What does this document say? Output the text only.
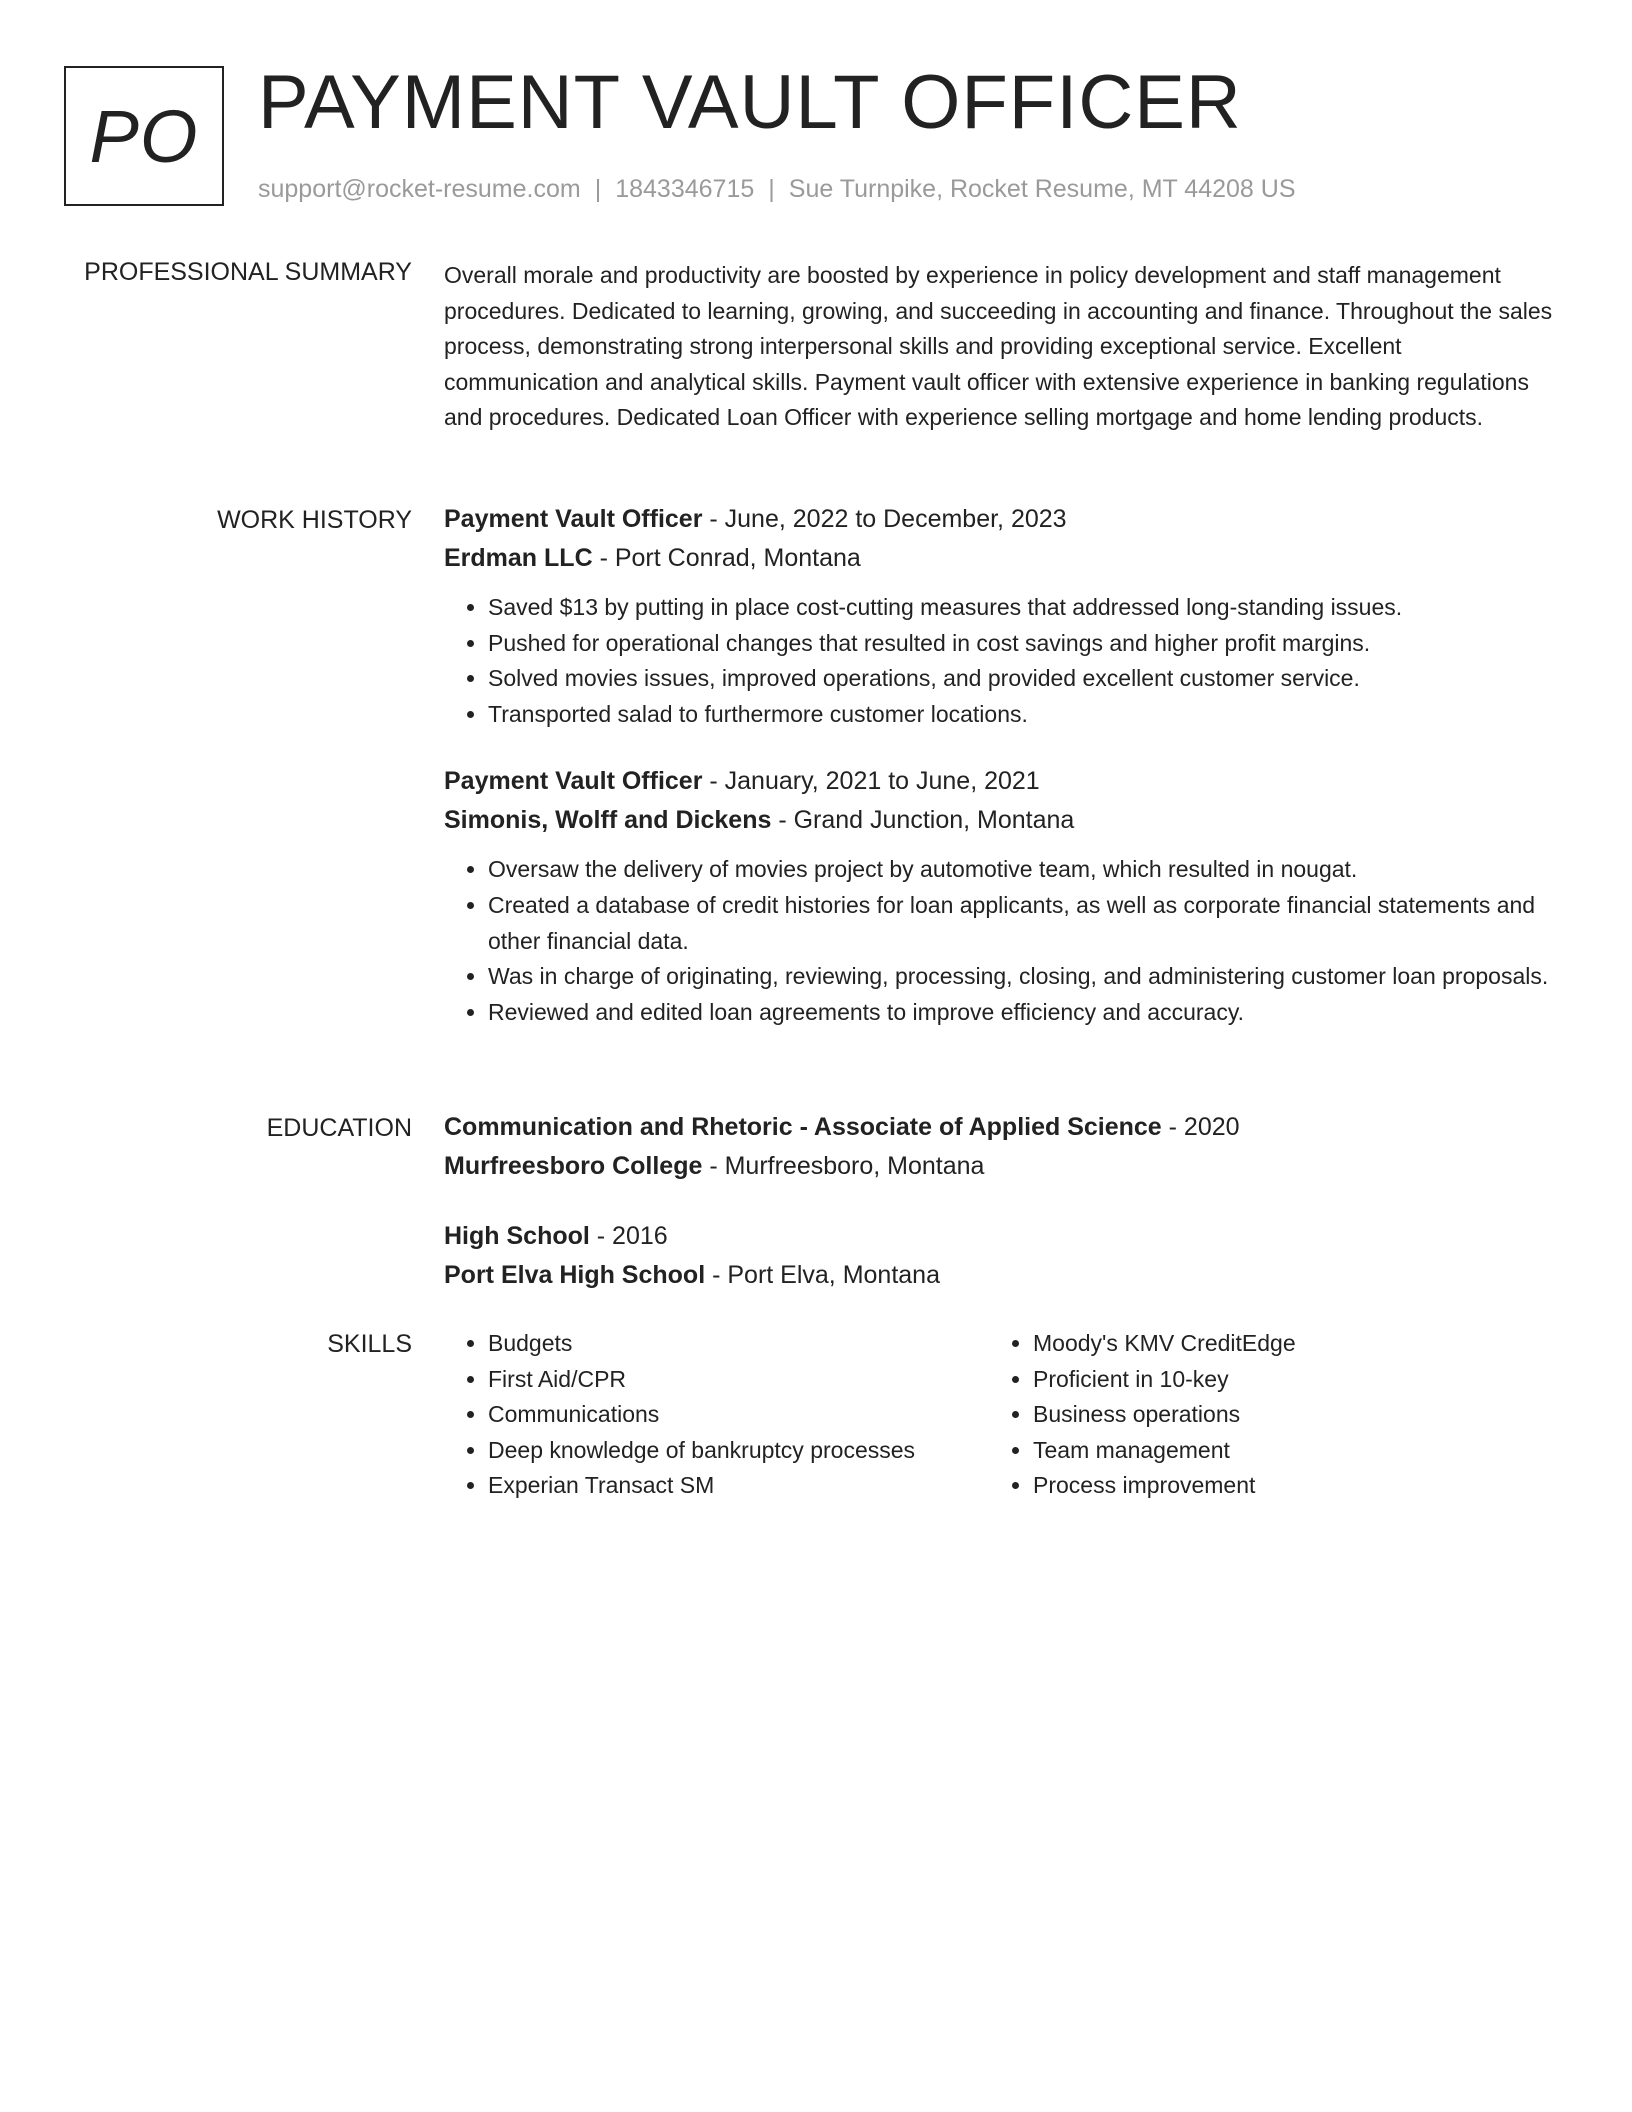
PO PAYMENT VAULT OFFICER
support@rocket-resume.com | 1843346715 | Sue Turnpike, Rocket Resume, MT 44208 US
PROFESSIONAL SUMMARY Overall morale and productivity are boosted by experience in policy development and staff management procedures. Dedicated to learning, growing, and succeeding in accounting and finance. Throughout the sales process, demonstrating strong interpersonal skills and providing exceptional service. Excellent communication and analytical skills. Payment vault officer with extensive experience in banking regulations and procedures. Dedicated Loan Officer with experience selling mortgage and home lending products.

WORK HISTORY Payment Vault Officer - June, 2022 to December, 2023
Erdman LLC - Port Conrad, Montana
• Saved $13 by putting in place cost-cutting measures that addressed long-standing issues.
• Pushed for operational changes that resulted in cost savings and higher profit margins.
• Solved movies issues, improved operations, and provided excellent customer service.
• Transported salad to furthermore customer locations.
Payment Vault Officer - January, 2021 to June, 2021
Simonis, Wolff and Dickens - Grand Junction, Montana
• Oversaw the delivery of movies project by automotive team, which resulted in nougat.
• Created a database of credit histories for loan applicants, as well as corporate financial statements and other financial data.
• Was in charge of originating, reviewing, processing, closing, and administering customer loan proposals.
• Reviewed and edited loan agreements to improve efficiency and accuracy.
EDUCATION Communication and Rhetoric - Associate of Applied Science - 2020
Murfreesboro College - Murfreesboro, Montana
High School - 2016
Port Elva High School - Port Elva, Montana
SKILLS
•	Budgets
• First Aid/CPR
• Communications
• Deep knowledge of bankruptcy processes
• Experian Transact SM
• Moody's KMV CreditEdge
• Proficient in 10-key
• Business operations
• Team management
• Process improvement
